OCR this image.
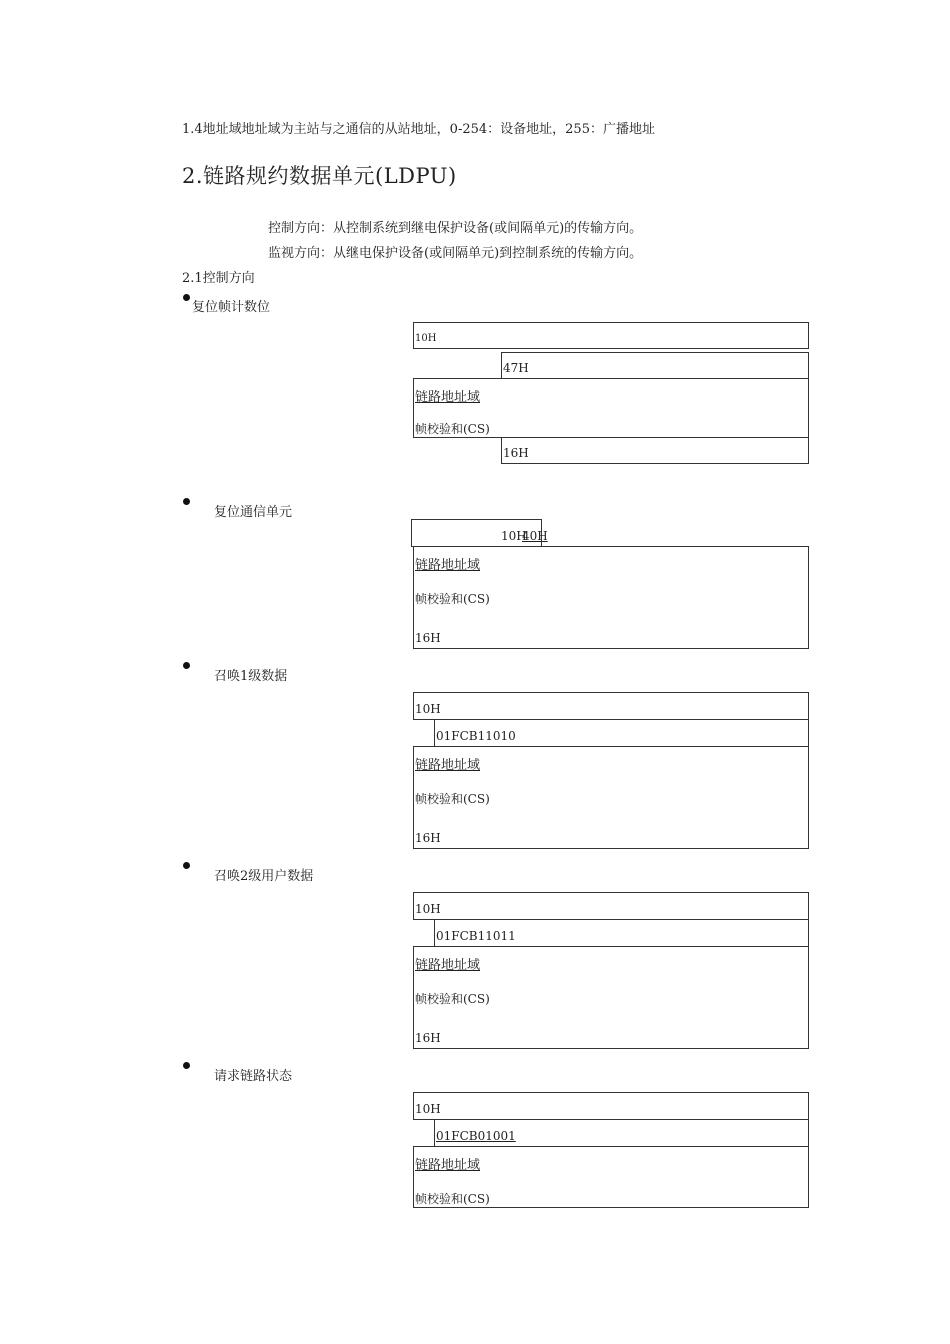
1.4地址域地址域为主站与之通信的从站地址，0-254：设备地址，255：广播地址
2.链路规约数据单元(LDPU)
控制方向：从控制系统到继电保护设备(或间隔单元)的传输方向。
监视方向：从继电保护设备(或间隔单元)到控制系统的传输方向。
2.1控制方向
复位帧计数位
10H
47H
链路地址域
帧校验和(CS)
16H
复位通信单元
10H
40H
链路地址域
帧校验和(CS)
16H
召唤1级数据
10H
01FCB11010
链路地址域
帧校验和(CS)
16H
召唤2级用户数据
10H
01FCB11011
链路地址域
帧校验和(CS)
16H
请求链路状态
10H
01FCB01001
链路地址域
帧校验和(CS)
